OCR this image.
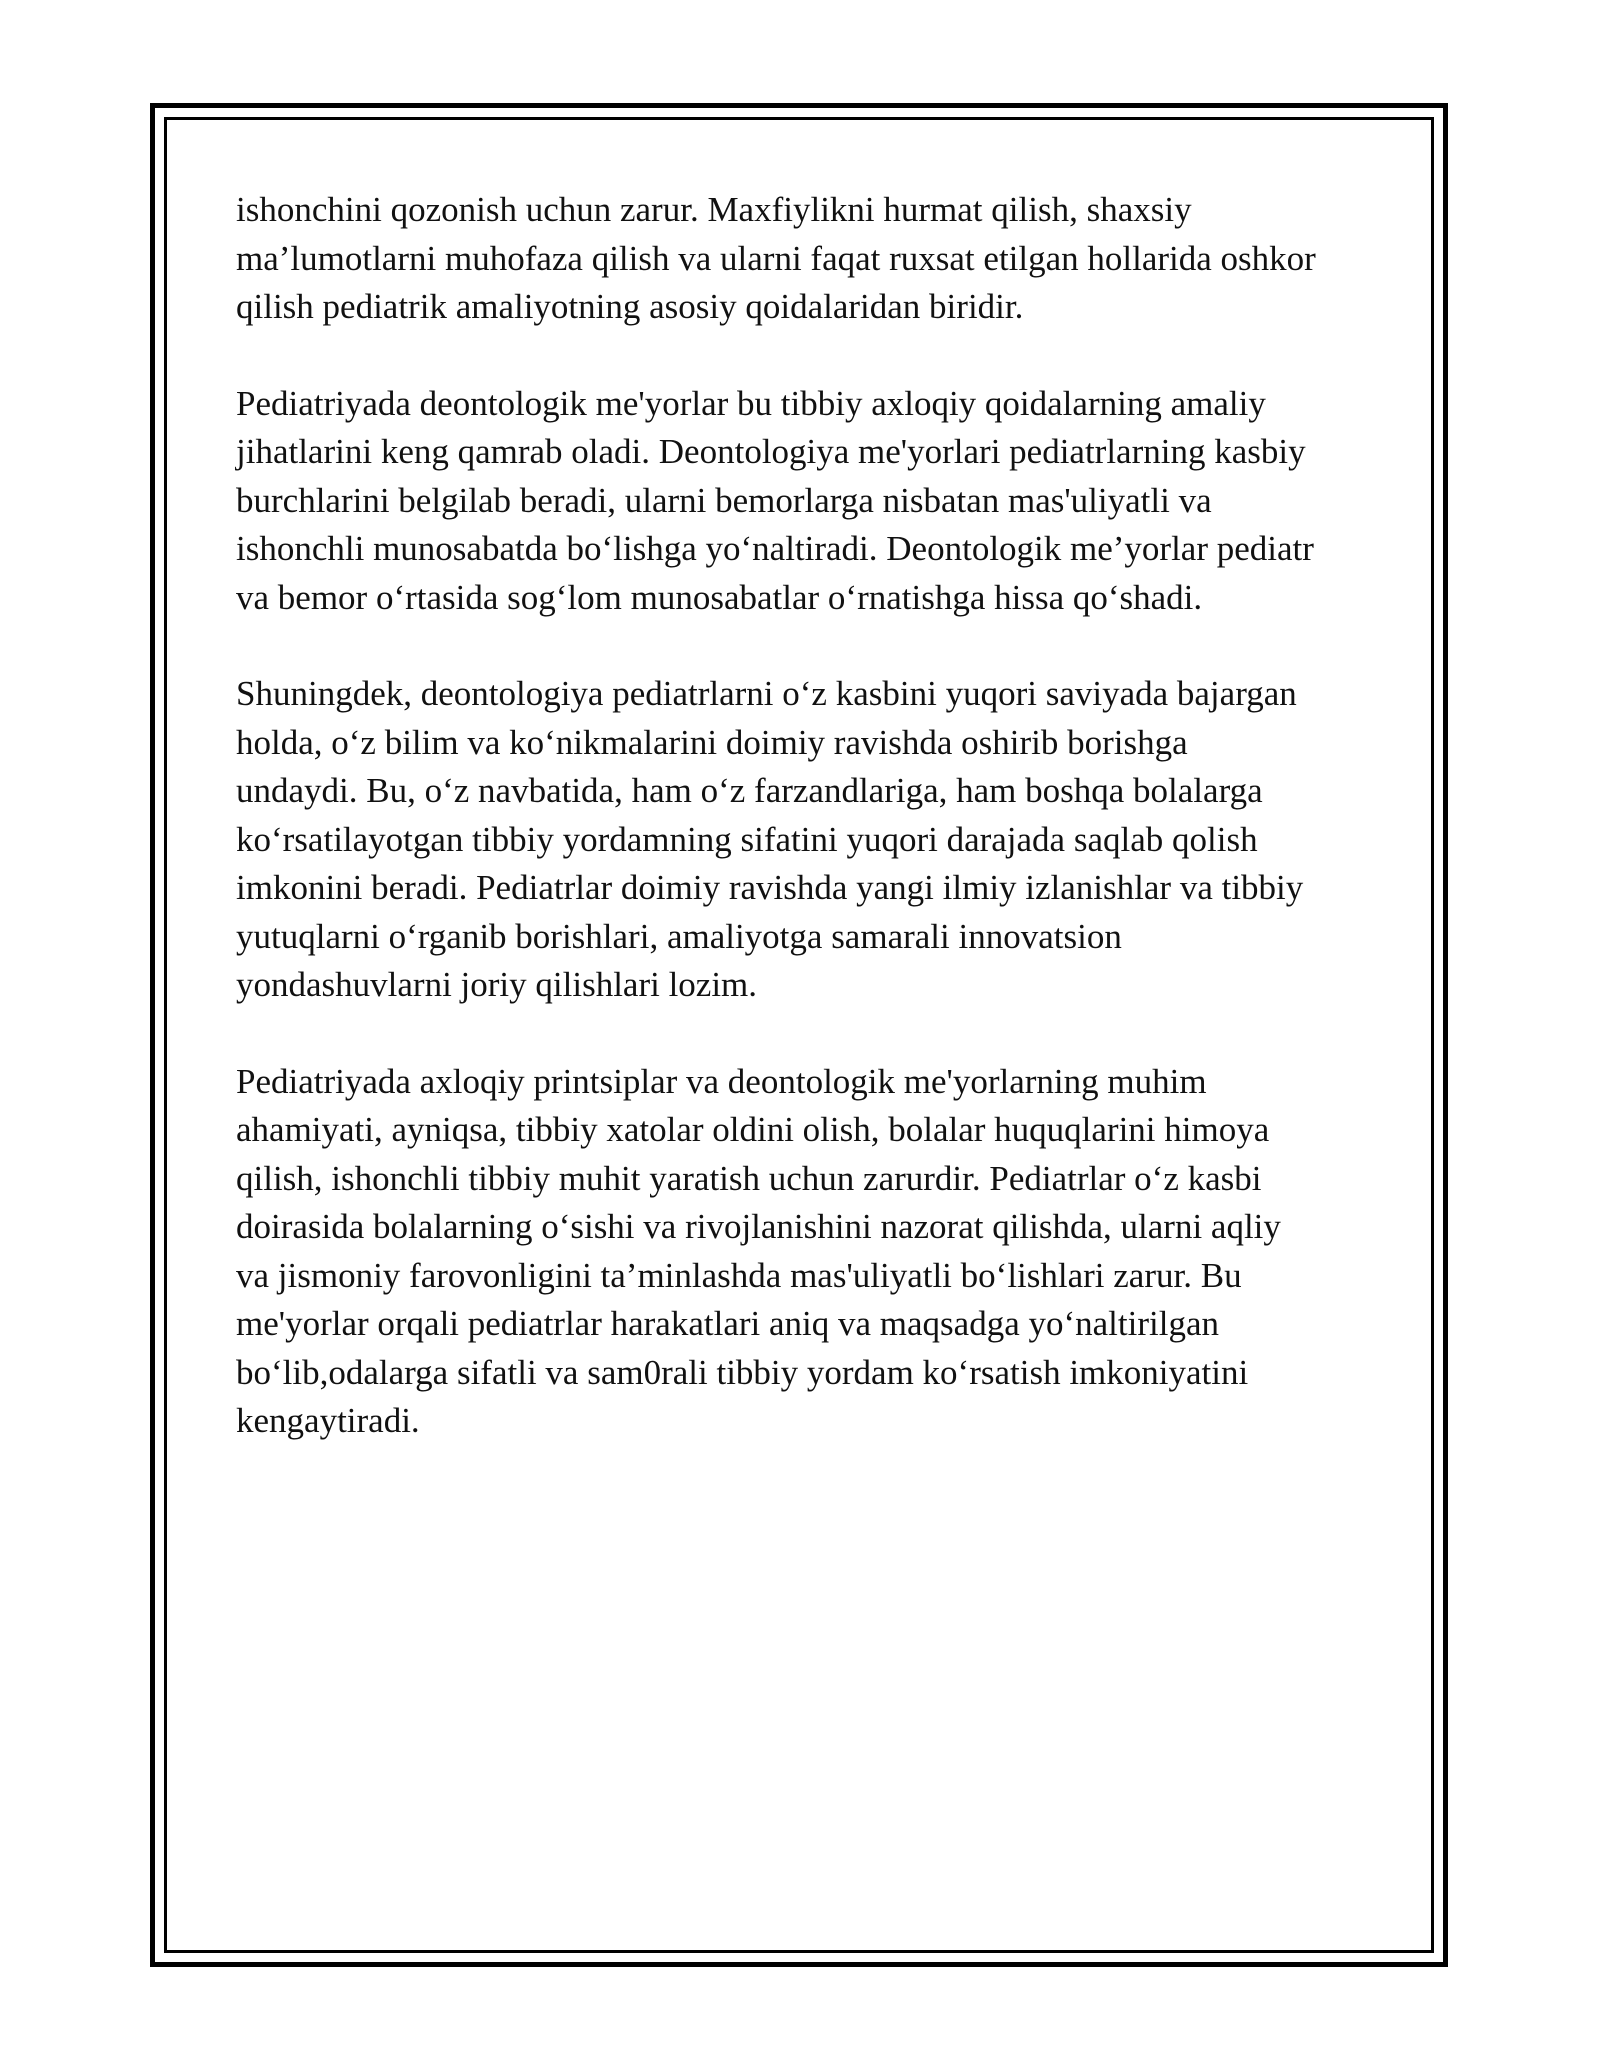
ishonchini qozonish uchun zarur. Maxfiylikni hurmat qilish, shaxsiy
ma’lumotlarni muhofaza qilish va ularni faqat ruxsat etilgan hollarida oshkor
qilish pediatrik amaliyotning asosiy qoidalaridan biridir.

Pediatriyada deontologik me'yorlar bu tibbiy axloqiy qoidalarning amaliy
jihatlarini keng qamrab oladi. Deontologiya me'yorlari pediatrlarning kasbiy
burchlarini belgilab beradi, ularni bemorlarga nisbatan mas'uliyatli va
ishonchli munosabatda bo‘lishga yo‘naltiradi. Deontologik me’yorlar pediatr
va bemor o‘rtasida sog‘lom munosabatlar o‘rnatishga hissa qo‘shadi.

Shuningdek, deontologiya pediatrlarni o‘z kasbini yuqori saviyada bajargan
holda, o‘z bilim va ko‘nikmalarini doimiy ravishda oshirib borishga
undaydi. Bu, o‘z navbatida, ham o‘z farzandlariga, ham boshqa bolalarga
ko‘rsatilayotgan tibbiy yordamning sifatini yuqori darajada saqlab qolish
imkonini beradi. Pediatrlar doimiy ravishda yangi ilmiy izlanishlar va tibbiy
yutuqlarni o‘rganib borishlari, amaliyotga samarali innovatsion
yondashuvlarni joriy qilishlari lozim.

Pediatriyada axloqiy printsiplar va deontologik me'yorlarning muhim
ahamiyati, ayniqsa, tibbiy xatolar oldini olish, bolalar huquqlarini himoya
qilish, ishonchli tibbiy muhit yaratish uchun zarurdir. Pediatrlar o‘z kasbi
doirasida bolalarning o‘sishi va rivojlanishini nazorat qilishda, ularni aqliy
va jismoniy farovonligini ta’minlashda mas'uliyatli bo‘lishlari zarur. Bu
me'yorlar orqali pediatrlar harakatlari aniq va maqsadga yo‘naltirilgan
bo‘lib,odalarga sifatli va sam0rali tibbiy yordam ko‘rsatish imkoniyatini
kengaytiradi.
